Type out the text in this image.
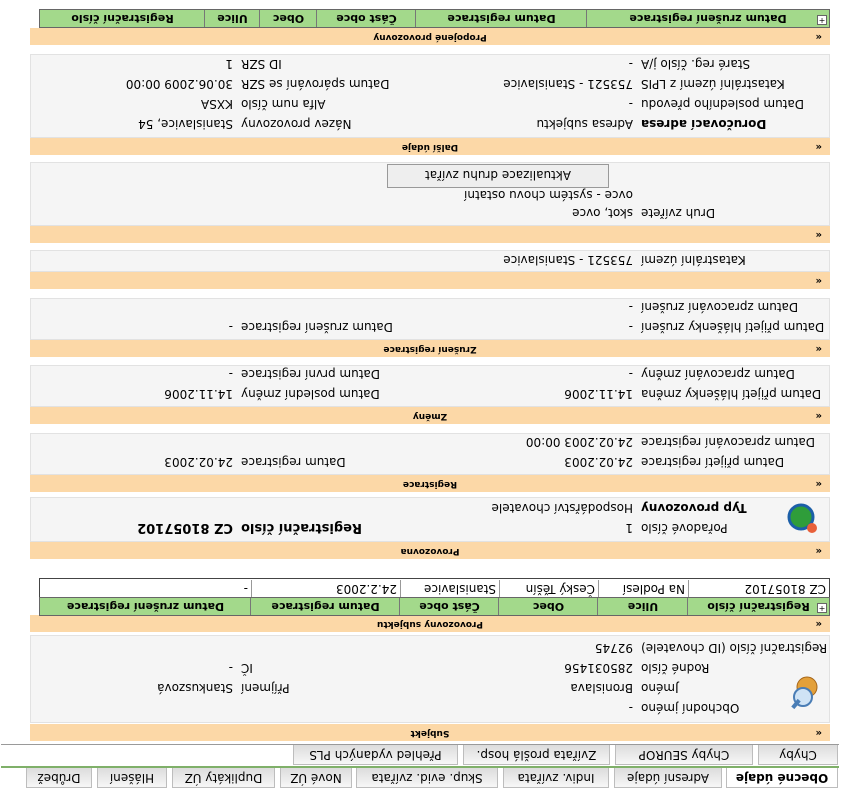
Obecné údaje
Adresní údaje
Indiv. zvířata
Skup. evid. zvířata
Nové ÚZ
Duplikáty ÚZ
Hlášení
Drůbež
Chyby
Chyby SEUROP
Zvířata prošlá hosp.
Přehled vydaných PLS
«
Subjekt
Obchodní jméno
-
Jméno
Bronislava
Příjmení
Stankuszová
Rodné číslo
285031456
IČ
-
Registrační číslo (ID chovatele)
92745
«
Provozovny subjektu
+
Registrační číslo
Ulice
Obec
Část obce
Datum registrace
Datum zrušení registrace
CZ 81057102
Na Podlesí
Český Těšín
Stanislavice
24.2.2003
-
«
Provozovna
Pořadové číslo
1
Registrační číslo
CZ 81057102
Typ provozovny
Hospodářství chovatele
«
Registrace
Datum přijetí registrace
24.02.2003
Datum registrace
24.02.2003
Datum zpracování registrace
24.02.2003 00:00
«
Změny
Datum přijetí hlášenky změna
14.11.2006
Datum poslední změny
14.11.2006
Datum zpracování změny
-
Datum první registrace
-
«
Zrušení registrace
Datum přijetí hlášenky zrušení
-
Datum zrušení registrace
-
Datum zpracování zrušení
-
«
Katastrální území
753521 - Stanislavice
«
Druh zvířete
skot, ovce
ovce - systém chovu ostatní
Aktualizace druhu zvířat
«
Další údaje
Doručovací adresa
Adresa subjektu
Název provozovny
Stanislavice, 54
Datum posledního převodu
-
Alfa num číslo
KXSA
Katastrální území z LPIS
753521 - Stanislavice
Datum spárování se SZR
30.06.2009 00:00
Staré reg. číslo j/A
-
ID SZR
1
«
Propojené provozovny
+
Datum zrušení registrace
Datum registrace
Část obce
Obec
Ulice
Registrační číslo
